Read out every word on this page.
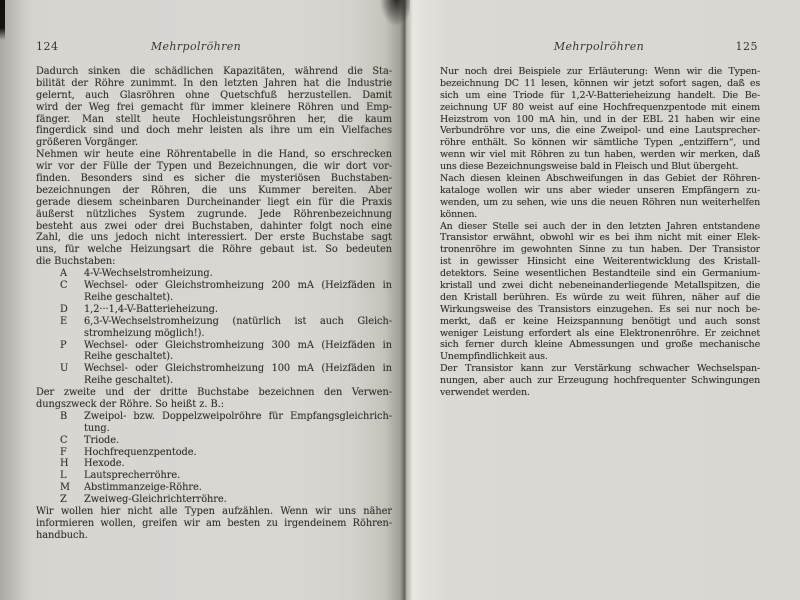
124	Mehrpolröhren	Mehrpolröhren	125
Dadurch sinken die schädlichen Kapazitäten, während die Sta-
bilität der Röhre zunimmt. In den letzten Jahren hat die Industrie
gelernt, auch Glasröhren ohne Quetschfuß herzustellen. Damit
wird der Weg frei gemacht für immer kleinere Röhren und Emp-
fänger. Man stellt heute Hochleistungsröhren her, die kaum
fingerdick sind und doch mehr leisten als ihre um ein Vielfaches
größeren Vorgänger.
Nehmen wir heute eine Röhrentabelle in die Hand, so erschrecken
wir vor der Fülle der Typen und Bezeichnungen, die wir dort vor-
finden. Besonders sind es sicher die mysteriösen Buchstaben-
bezeichnungen der Röhren, die uns Kummer bereiten. Aber
gerade diesem scheinbaren Durcheinander liegt ein für die Praxis
äußerst nützliches System zugrunde. Jede Röhrenbezeichnung
besteht aus zwei oder drei Buchstaben, dahinter folgt noch eine
Zahl, die uns jedoch nicht interessiert. Der erste Buchstabe sagt
uns, für welche Heizungsart die Röhre gebaut ist. So bedeuten
die Buchstaben:
A	4-V-Wechselstromheizung.
C	Wechsel- oder Gleichstromheizung 200 mA (Heizfäden in
Reihe geschaltet).
D	1,2···1,4-V-Batterieheizung.
E	6,3-V-Wechselstromheizung (natürlich ist auch Gleich-
stromheizung möglich!).
P	Wechsel- oder Gleichstromheizung 300 mA (Heizfäden in
Reihe geschaltet).
U	Wechsel- oder Gleichstromheizung 100 mA (Heizfäden in
Reihe geschaltet).
Der zweite und der dritte Buchstabe bezeichnen den Verwen-
dungszweck der Röhre. So heißt z. B.:
B	Zweipol- bzw. Doppelzweipolröhre für Empfangsgleichrich-
tung.
C	Triode.
F	Hochfrequenzpentode.
H	Hexode.
L	Lautsprecherröhre.
M	Abstimmanzeige-Röhre.
Z	Zweiweg-Gleichrichterröhre.
Wir wollen hier nicht alle Typen aufzählen. Wenn wir uns näher
informieren wollen, greifen wir am besten zu irgendeinem Röhren-
handbuch.
Nur noch drei Beispiele zur Erläuterung: Wenn wir die Typen-
bezeichnung DC 11 lesen, können wir jetzt sofort sagen, daß es
sich um eine Triode für 1,2-V-Batterieheizung handelt. Die Be-
zeichnung UF 80 weist auf eine Hochfrequenzpentode mit einem
Heizstrom von 100 mA hin, und in der EBL 21 haben wir eine
Verbundröhre vor uns, die eine Zweipol- und eine Lautsprecher-
röhre enthält. So können wir sämtliche Typen „entziffern“, und
wenn wir viel mit Röhren zu tun haben, werden wir merken, daß
uns diese Bezeichnungsweise bald in Fleisch und Blut übergeht.
Nach diesen kleinen Abschweifungen in das Gebiet der Röhren-
kataloge wollen wir uns aber wieder unseren Empfängern zu-
wenden, um zu sehen, wie uns die neuen Röhren nun weiterhelfen
können.
An dieser Stelle sei auch der in den letzten Jahren entstandene
Transistor erwähnt, obwohl wir es bei ihm nicht mit einer Elek-
tronenröhre im gewohnten Sinne zu tun haben. Der Transistor
ist in gewisser Hinsicht eine Weiterentwicklung des Kristall-
detektors. Seine wesentlichen Bestandteile sind ein Germanium-
kristall und zwei dicht nebeneinanderliegende Metallspitzen, die
den Kristall berühren. Es würde zu weit führen, näher auf die
Wirkungsweise des Transistors einzugehen. Es sei nur noch be-
merkt, daß er keine Heizspannung benötigt und auch sonst
weniger Leistung erfordert als eine Elektronenröhre. Er zeichnet
sich ferner durch kleine Abmessungen und große mechanische
Unempfindlichkeit aus.
Der Transistor kann zur Verstärkung schwacher Wechselspan-
nungen, aber auch zur Erzeugung hochfrequenter Schwingungen
verwendet werden.
